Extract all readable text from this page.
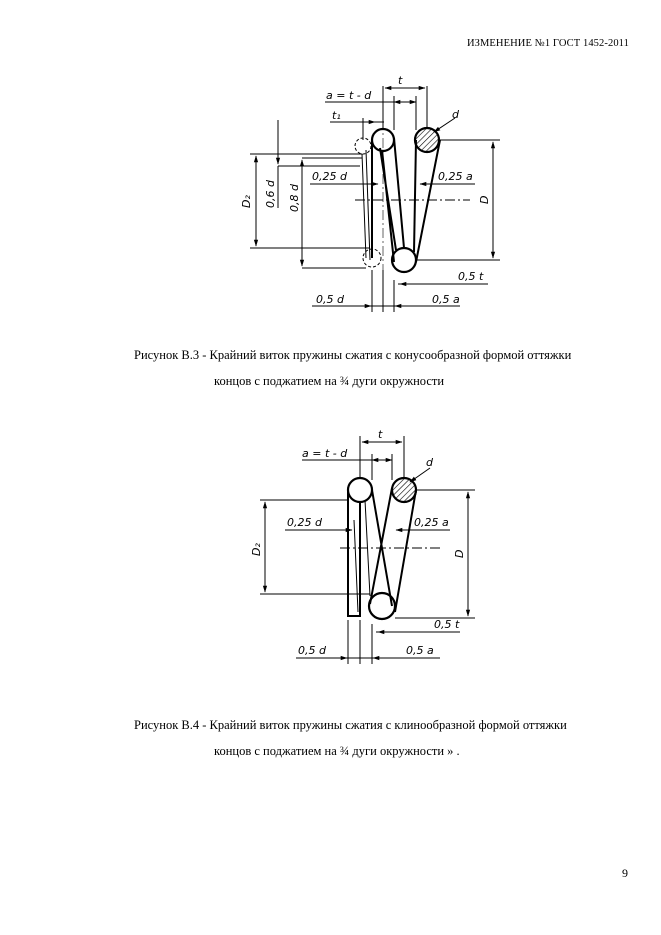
ИЗМЕНЕНИЕ №1 ГОСТ 1452-2011
t
a = t - d
t₁	d
0,25 d	0,25 a
D₂ 0,6 d 0,8 d	D
0,5 t
0,5 d	0,5 a
Рисунок В.3 - Крайний виток пружины сжатия с конусообразной формой оттяжки
концов с поджатием на ¾ дуги окружности
t
a = t - d
d
0,25 d	0,25 a
D₂	D
0,5 t
0,5 d	0,5 a
Рисунок В.4 - Крайний виток пружины сжатия с клинообразной формой оттяжки
концов с поджатием на ¾ дуги окружности » .
9
